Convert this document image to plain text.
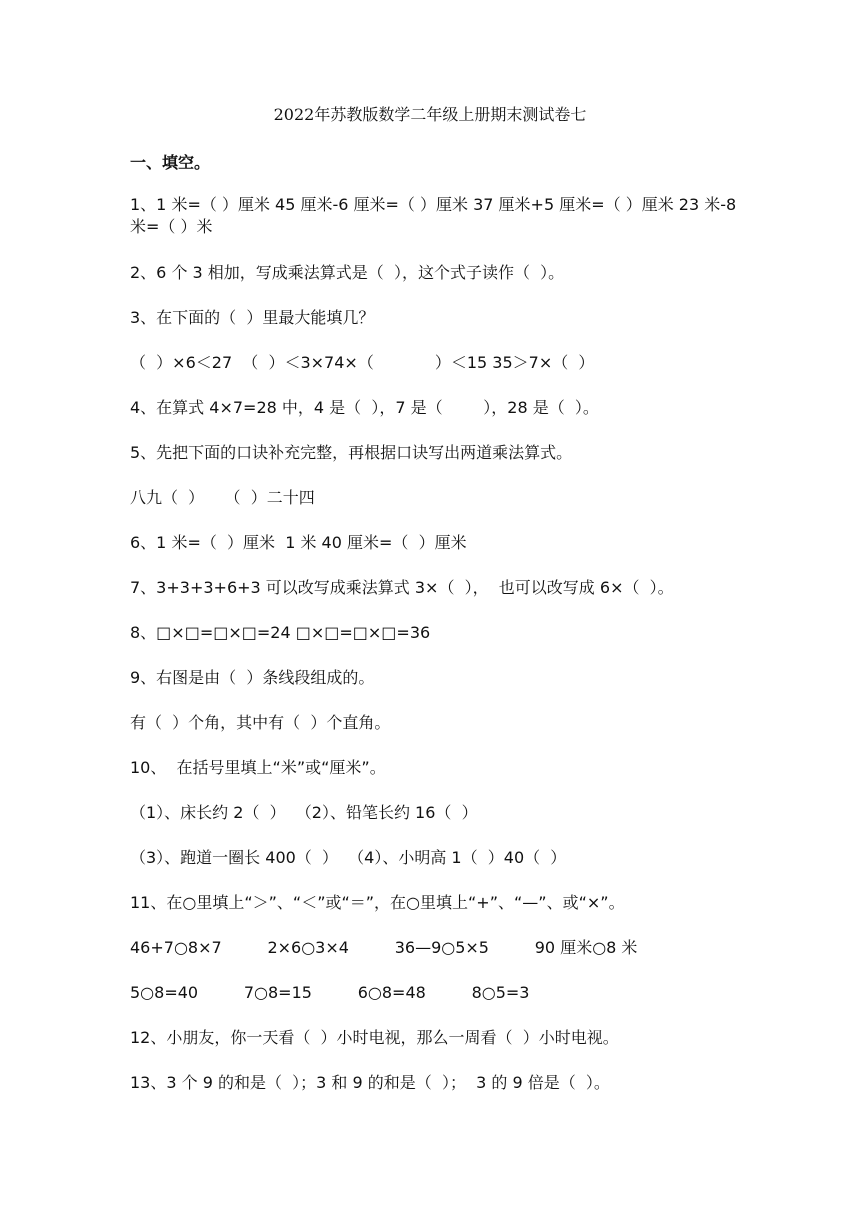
2022年苏教版数学二年级上册期末测试卷七
一、填空。
1、1 米=（ ）厘米 45 厘米-6 厘米=（ ）厘米 37 厘米+5 厘米=（ ）厘米 23 米-8 米=（ ）米
2、6 个 3 相加，写成乘法算式是（  ），这个式子读作（  ）。
3、在下面的（  ）里最大能填几？
（  ）×6＜27  （  ）＜3×74×（            ）＜15 35＞7×（  ）
4、在算式 4×7=28 中，4 是（  ），7 是（        ），28 是（  ）。
5、先把下面的口诀补充完整，再根据口诀写出两道乘法算式。
八九（  ）    （  ）二十四
6、1 米=（  ）厘米  1 米 40 厘米=（  ）厘米
7、3+3+3+6+3 可以改写成乘法算式 3×（  ），  也可以改写成 6×（  ）。
8、□×□=□×□=24 □×□=□×□=36
9、右图是由（  ）条线段组成的。
有（  ）个角，其中有（  ）个直角。
10、  在括号里填上“米”或“厘米”。
（1）、床长约 2（  ）  （2）、铅笔长约 16（  ）
（3）、跑道一圈长 400（  ）  （4）、小明高 1（  ）40（  ）
11、在○里填上“＞”、“＜”或“＝”，在○里填上“+”、“—”、或“×”。
46+7○8×7         2×6○3×4         36—9○5×5         90 厘米○8 米
5○8=40         7○8=15         6○8=48         8○5=3
12、小朋友，你一天看（  ）小时电视，那么一周看（  ）小时电视。
13、3 个 9 的和是（  ）；3 和 9 的和是（  ）；  3 的 9 倍是（  ）。
